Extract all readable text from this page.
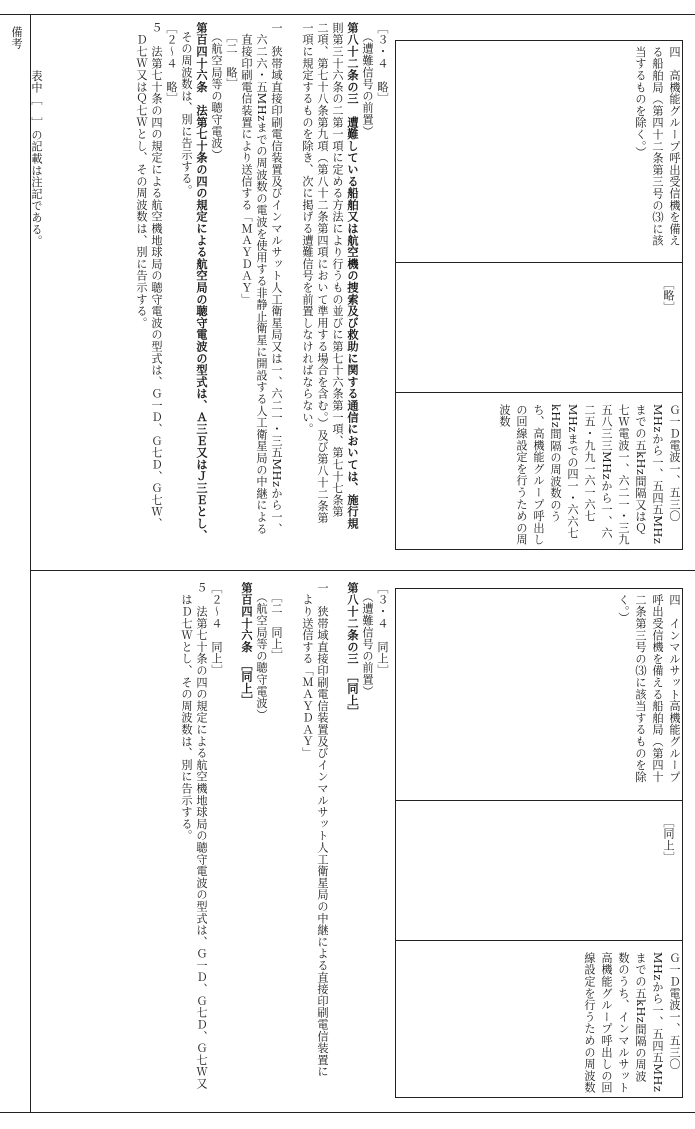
備考
表中［　］の記載は注記である。	四　高機能グループ呼出受信機を備える船舶局（第四十二条第三号の⑶に該当するものを除く。）
［略］
Ｇ一Ｄ電波一、五三〇MHzから一、五四五MHzまでの五kHz間隔又はＱ七Ｗ電波一、六二一・三九五八三三MHzから一、六二五・九九一六一六七MHzまでの四一・六六七kHz間隔の周波数のうち、高機能グループ呼出しの回線設定を行うための周波数
［３・４　略］
（遭難信号の前置）
第八十二条の三　遭難している船舶又は航空機の捜索及び救助に関する通信においては、施行規
則第三十六条の二第一項に定める方法により行うもの並びに第七十六条第一項、第七十七条第
二項、第七十八条第九項（第八十二条第四項において準用する場合を含む。）及び第八十二条第
一項に規定するものを除き、次に掲げる遭難信号を前置しなければならない。
一　狭帯域直接印刷電信装置及びインマルサット人工衛星局又は一、六二一・三五MHzから一、
　六二六・五MHzまでの周波数の電波を使用する非静止衛星に開設する人工衛星局の中継による
　直接印刷電信装置により送信する「ＭＡＹＤＡＹ」
［二　略］
（航空局等の聴守電波）
第百四十六条　法第七十条の四の規定による航空局の聴守電波の型式は、Ａ三Ｅ又はＪ三Ｅとし、
その周波数は、別に告示する。
［２～４　略］
５　法第七十条の四の規定による航空機地球局の聴守電波の型式は、Ｇ一Ｄ、Ｇ七Ｄ、Ｇ七Ｗ、
　Ｄ七Ｗ又はＱ七Ｗとし、その周波数は、別に告示する。
四　インマルサット高機能グループ呼出受信機を備える船舶局（第四十二条第三号の⑶に該当するものを除く。）
［同上］
Ｇ一Ｄ電波一、五三〇MHzから一、五四五MHzまでの五kHz間隔の周波数のうち、インマルサット高機能グループ呼出しの回線設定を行うための周波数
［３・４　同上］
（遭難信号の前置）
第八十二条の三　［同上］
一　狭帯域直接印刷電信装置及びインマルサット人工衛星局の中継による直接印刷電信装置に
　より送信する「ＭＡＹＤＡＹ」
［二　同上］
（航空局等の聴守電波）
第百四十六条　［同上］
［２～４　同上］
５　法第七十条の四の規定による航空機地球局の聴守電波の型式は、Ｇ一Ｄ、Ｇ七Ｄ、Ｇ七Ｗ又
　はＤ七Ｗとし、その周波数は、別に告示する。
